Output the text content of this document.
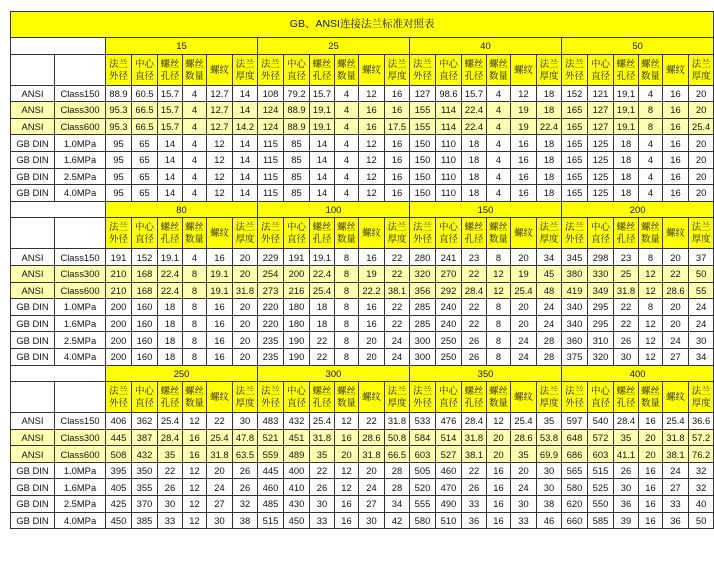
GB、ANSI连接法兰标准对照表																									
		15						25						40						50					
		法兰外径	中心直径	螺丝孔径	螺丝数量	螺纹	法兰厚度	法兰外径	中心直径	螺丝孔径	螺丝数量	螺纹	法兰厚度	法兰外径	中心直径	螺丝孔径	螺丝数量	螺纹	法兰厚度	法兰外径	中心直径	螺丝孔径	螺丝数量	螺纹	法兰厚度
ANSI	Class150	88.9	60.5	15.7	4	12.7	14	108	79.2	15.7	4	12	16	127	98.6	15.7	4	12	18	152	121	19.1	4	16	20
ANSI	Class300	95.3	66.5	15.7	4	12.7	14	124	88.9	19.1	4	16	16	155	114	22.4	4	19	18	165	127	19.1	8	16	20
ANSI	Class600	95.3	66.5	15.7	4	12.7	14.2	124	88.9	19.1	4	16	17.5	155	114	22.4	4	19	22.4	165	127	19.1	8	16	25.4
GB DIN	1.0MPa	95	65	14	4	12	14	115	85	14	4	12	16	150	110	18	4	16	18	165	125	18	4	16	20
GB DIN	1.6MPa	95	65	14	4	12	14	115	85	14	4	12	16	150	110	18	4	16	18	165	125	18	4	16	20
GB DIN	2.5MPa	95	65	14	4	12	14	115	85	14	4	12	16	150	110	18	4	16	18	165	125	18	4	16	20
GB DIN	4.0MPa	95	65	14	4	12	14	115	85	14	4	12	16	150	110	18	4	16	18	165	125	18	4	16	20
		80						100						150						200					
		法兰外径	中心直径	螺丝孔径	螺丝数量	螺纹	法兰厚度	法兰外径	中心直径	螺丝孔径	螺丝数量	螺纹	法兰厚度	法兰外径	中心直径	螺丝孔径	螺丝数量	螺纹	法兰厚度	法兰外径	中心直径	螺丝孔径	螺丝数量	螺纹	法兰厚度
ANSI	Class150	191	152	19.1	4	16	20	229	191	19.1	8	16	22	280	241	23	8	20	34	345	298	23	8	20	37
ANSI	Class300	210	168	22.4	8	19.1	20	254	200	22.4	8	19	22	320	270	22	12	19	45	380	330	25	12	22	50
ANSI	Class600	210	168	22.4	8	19.1	31.8	273	216	25.4	8	22.2	38.1	356	292	28.4	12	25.4	48	419	349	31.8	12	28.6	55
GB DIN	1.0MPa	200	160	18	8	16	20	220	180	18	8	16	22	285	240	22	8	20	24	340	295	22	8	20	24
GB DIN	1.6MPa	200	160	18	8	16	20	220	180	18	8	16	22	285	240	22	8	20	24	340	295	22	12	20	24
GB DIN	2.5MPa	200	160	18	8	16	20	235	190	22	8	20	24	300	250	26	8	24	28	360	310	26	12	24	30
GB DIN	4.0MPa	200	160	18	8	16	20	235	190	22	8	20	24	300	250	26	8	24	28	375	320	30	12	27	34
		250						300						350						400					
		法兰外径	中心直径	螺丝孔径	螺丝数量	螺纹	法兰厚度	法兰外径	中心直径	螺丝孔径	螺丝数量	螺纹	法兰厚度	法兰外径	中心直径	螺丝孔径	螺丝数量	螺纹	法兰厚度	法兰外径	中心直径	螺丝孔径	螺丝数量	螺纹	法兰厚度
ANSI	Class150	406	362	25.4	12	22	30	483	432	25.4	12	22	31.8	533	476	28.4	12	25.4	35	597	540	28.4	16	25.4	36.6
ANSI	Class300	445	387	28.4	16	25.4	47.8	521	451	31.8	16	28.6	50.8	584	514	31.8	20	28.6	53.8	648	572	35	20	31.8	57.2
ANSI	Class600	508	432	35	16	31.8	63.5	559	489	35	20	31.8	66.5	603	527	38.1	20	35	69.9	686	603	41.1	20	38.1	76.2
GB DIN	1.0MPa	395	350	22	12	20	26	445	400	22	12	20	28	505	460	22	16	20	30	565	515	26	16	24	32
GB DIN	1.6MPa	405	355	26	12	24	26	460	410	26	12	24	28	520	470	26	16	24	30	580	525	30	16	27	32
GB DIN	2.5MPa	425	370	30	12	27	32	485	430	30	16	27	34	555	490	33	16	30	38	620	550	36	16	33	40
GB DIN	4.0MPa	450	385	33	12	30	38	515	450	33	16	30	42	580	510	36	16	33	46	660	585	39	16	36	50
